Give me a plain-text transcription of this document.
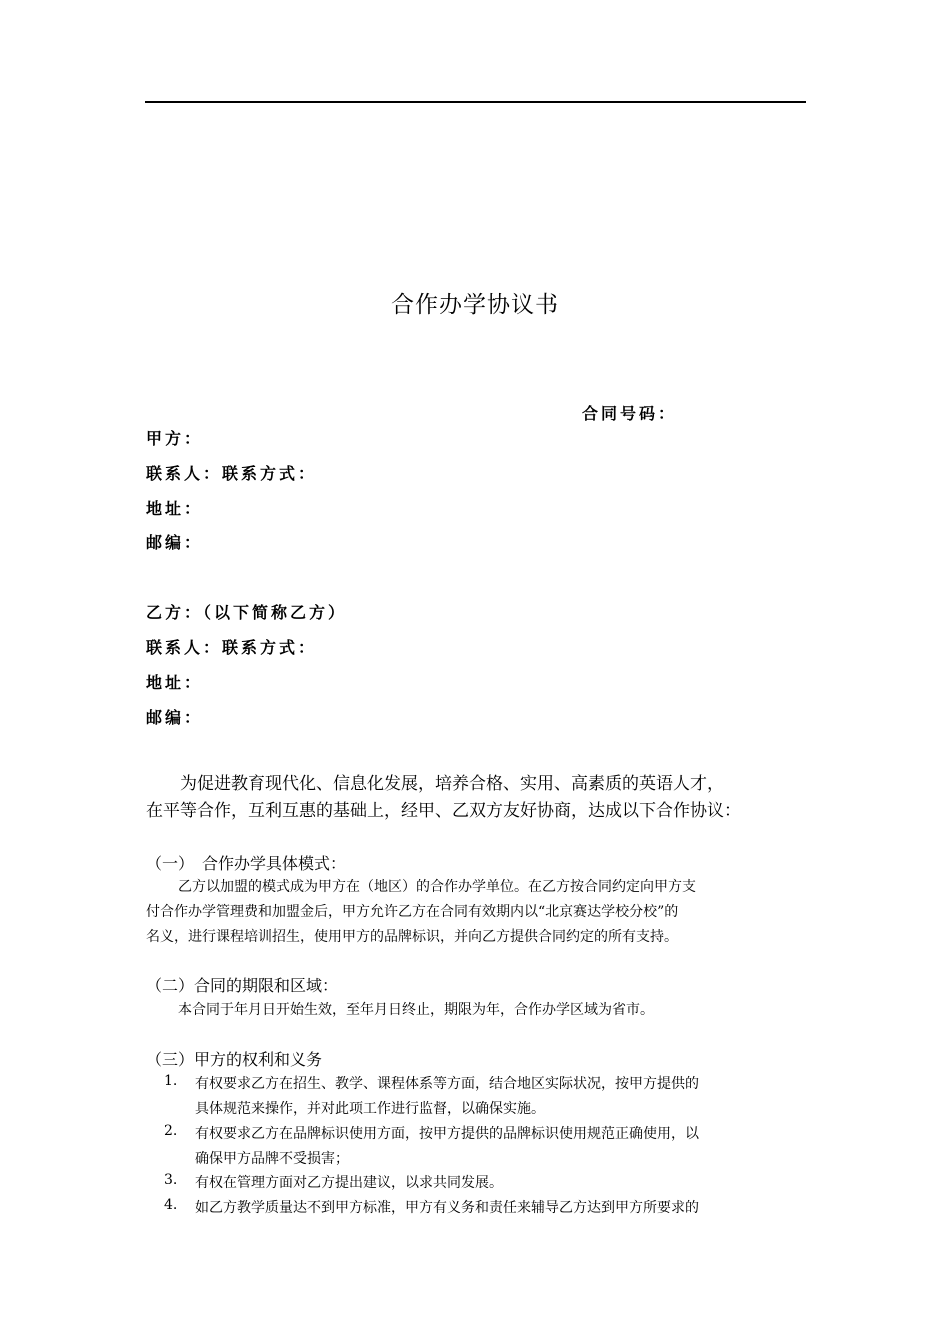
合作办学协议书
合同号码：
甲方：
联系人：联系方式：
地址：
邮编：
乙方：（以下简称乙方）
联系人：联系方式：
地址：
邮编：
为促进教育现代化、信息化发展，培养合格、实用、高素质的英语人才，
在平等合作，互利互惠的基础上，经甲、乙双方友好协商，达成以下合作协议：
（一）　合作办学具体模式：
乙方以加盟的模式成为甲方在（地区）的合作办学单位。在乙方按合同约定向甲方支
付合作办学管理费和加盟金后，甲方允许乙方在合同有效期内以“北京赛达学校分校”的
名义，进行课程培训招生，使用甲方的品牌标识，并向乙方提供合同约定的所有支持。
（二）合同的期限和区域：
本合同于年月日开始生效，至年月日终止，期限为年，合作办学区域为省市。
（三）甲方的权利和义务
1. 有权要求乙方在招生、教学、课程体系等方面，结合地区实际状况，按甲方提供的
具体规范来操作，并对此项工作进行监督，以确保实施。
2. 有权要求乙方在品牌标识使用方面，按甲方提供的品牌标识使用规范正确使用，以
确保甲方品牌不受损害；
3. 有权在管理方面对乙方提出建议，以求共同发展。
4. 如乙方教学质量达不到甲方标准，甲方有义务和责任来辅导乙方达到甲方所要求的
